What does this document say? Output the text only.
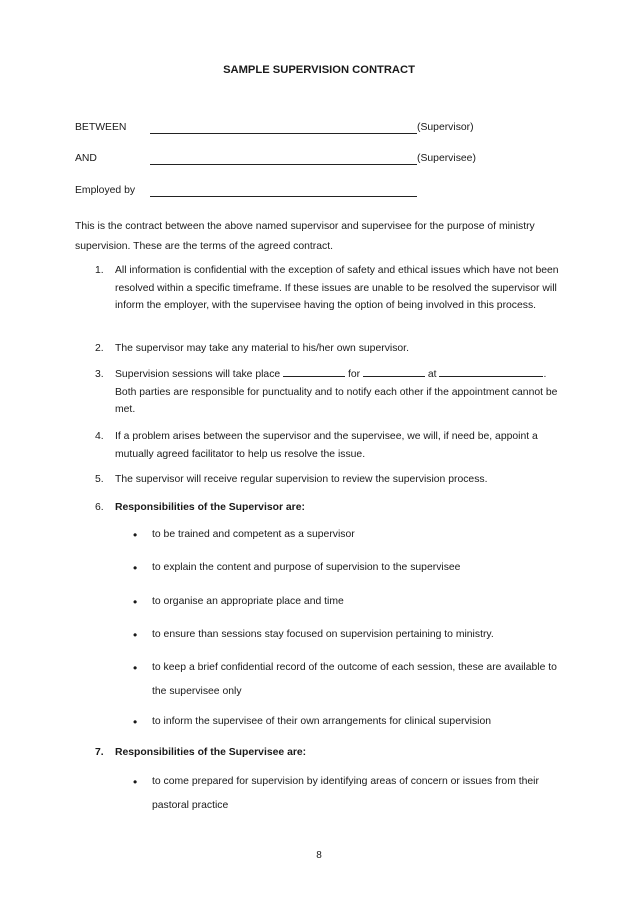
SAMPLE SUPERVISION CONTRACT
BETWEEN	(Supervisor)
AND	(Supervisee)
Employed by
This is the contract between the above named supervisor and supervisee for the purpose of ministry supervision. These are the terms of the agreed contract.
1. All information is confidential with the exception of safety and ethical issues which have not been resolved within a specific timeframe. If these issues are unable to be resolved the supervisor will inform the employer, with the supervisee having the option of being involved in this process.
2. The supervisor may take any material to his/her own supervisor.
3. Supervision sessions will take place	for	at	. Both parties are responsible for punctuality and to notify each other if the appointment cannot be met.
4. If a problem arises between the supervisor and the supervisee, we will, if need be, appoint a mutually agreed facilitator to help us resolve the issue.
5. The supervisor will receive regular supervision to review the supervision process.
6. Responsibilities of the Supervisor are:
• to be trained and competent as a supervisor
• to explain the content and purpose of supervision to the supervisee
• to organise an appropriate place and time
• to ensure than sessions stay focused on supervision pertaining to ministry.
• to keep a brief confidential record of the outcome of each session, these are available to the supervisee only
• to inform the supervisee of their own arrangements for clinical supervision
7. Responsibilities of the Supervisee are:
• to come prepared for supervision by identifying areas of concern or issues from their pastoral practice
8
